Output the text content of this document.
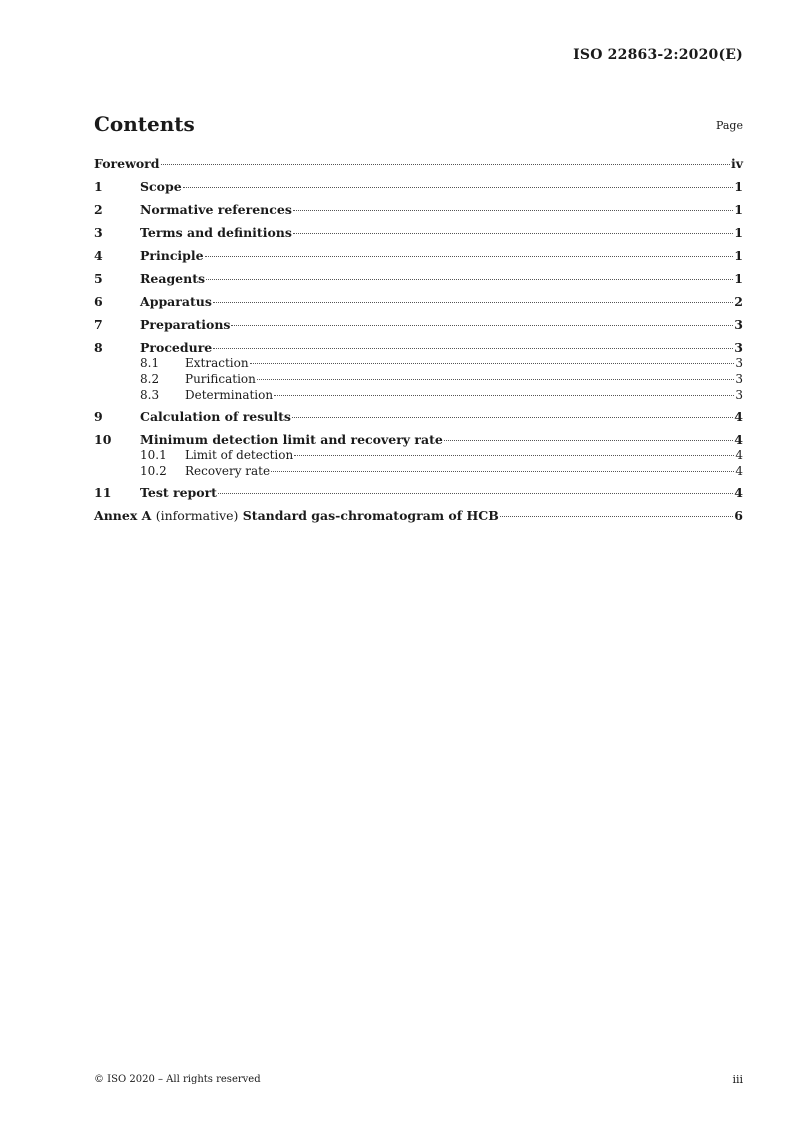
ISO 22863-2:2020(E)
Contents	Page
Foreword	iv
1	Scope	1
2	Normative references	1
3	Terms and definitions	1
4	Principle	1
5	Reagents	1
6	Apparatus	2
7	Preparations	3
8	Procedure	3
8.1	Extraction	3
8.2	Purification	3
8.3	Determination	3
9	Calculation of results	4
10	Minimum detection limit and recovery rate	4
10.1	Limit of detection	4
10.2	Recovery rate	4
11	Test report	4
Annex A (informative) Standard gas-chromatogram of HCB	6
© ISO 2020 – All rights reserved	iii
